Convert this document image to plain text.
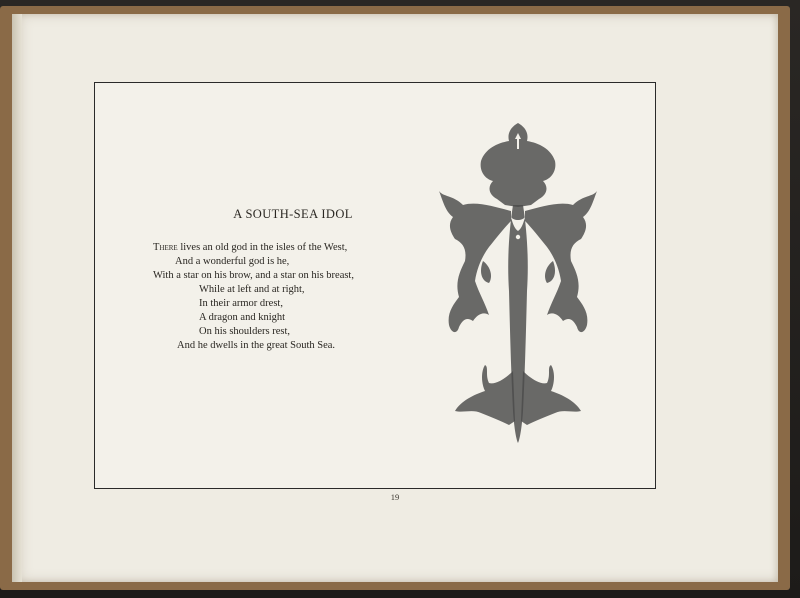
A SOUTH-SEA IDOL
There lives an old god in the isles of the West,
And a wonderful god is he,
With a star on his brow, and a star on his breast,
While at left and at right,
In their armor drest,
A dragon and knight
On his shoulders rest,
And he dwells in the great South Sea.
19
